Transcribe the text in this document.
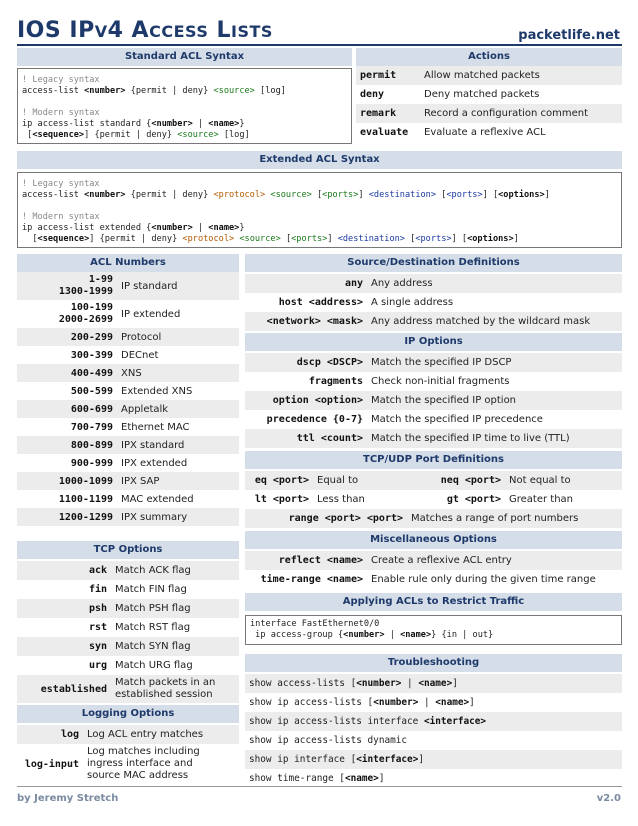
IOS IPV4 ACCESS LISTS	packetlife.net
Standard ACL Syntax
! Legacy syntax
access-list <number> {permit | deny} <source> [log]

! Modern syntax
ip access-list standard {<number> | <name>}
[<sequence>] {permit | deny} <source> [log]
Actions
permit	Allow matched packets
deny	Deny matched packets
remark	Record a configuration comment
evaluate	Evaluate a reflexive ACL
Extended ACL Syntax
! Legacy syntax
access-list <number> {permit | deny} <protocol> <source> [<ports>] <destination> [<ports>] [<options>]

! Modern syntax
ip access-list extended {<number> | <name>}
[<sequence>] {permit | deny} <protocol> <source> [<ports>] <destination> [<ports>] [<options>]
ACL Numbers
1-99
1300-1999	IP standard

100-199
2000-2699	IP extended
200-299	Protocol
300-399	DECnet
400-499	XNS
500-599	Extended XNS
600-699	Appletalk
700-799	Ethernet MAC
800-899	IPX standard
900-999	IPX extended
1000-1099	IPX SAP
1100-1199	MAC extended
1200-1299	IPX summary
TCP Options
ack	Match ACK flag
fin	Match FIN flag
psh	Match PSH flag
rst	Match RST flag
syn	Match SYN flag
urg	Match URG flag
established	Match packets in an
established session
Logging Options
log	Log ACL entry matches
log-input	Log matches including
ingress interface and
source MAC address
Source/Destination Definitions
any	Any address
host <address>	A single address
<network> <mask>	Any address matched by the wildcard mask
IP Options
dscp <DSCP>	Match the specified IP DSCP
fragments	Check non-initial fragments
option <option>	Match the specified IP option
precedence {0-7}	Match the specified IP precedence
ttl <count>	Match the specified IP time to live (TTL)
TCP/UDP Port Definitions
eq <port>	Equal to	neq <port>	Not equal to
lt <port>	Less than	gt <port>	Greater than
range <port> <port>	Matches a range of port numbers
Miscellaneous Options
reflect <name>	Create a reflexive ACL entry
time-range <name>	Enable rule only during the given time range
Applying ACLs to Restrict Traffic
interface FastEthernet0/0
ip access-group {<number> | <name>} {in | out}
Troubleshooting
show access-lists [<number> | <name>]
show ip access-lists [<number> | <name>]
show ip access-lists interface <interface>
show ip access-lists dynamic
show ip interface [<interface>]
show time-range [<name>]
by Jeremy Stretch	v2.0
